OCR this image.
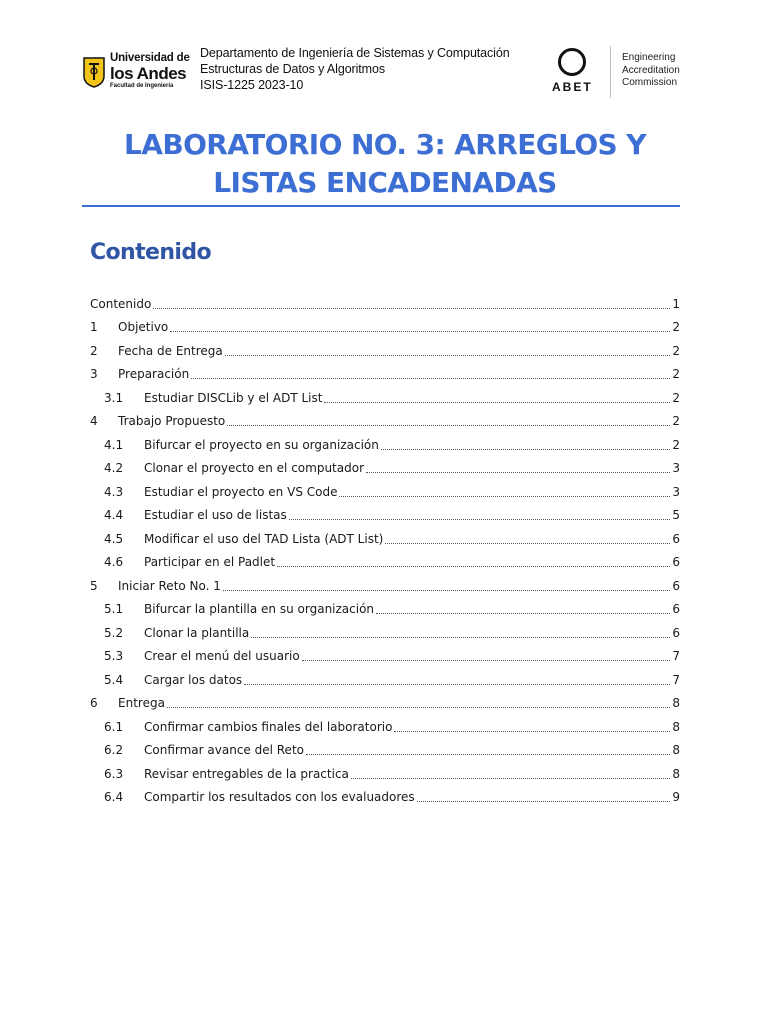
Universidad de
los Andes
Facultad de Ingeniería
Departamento de Ingeniería de Sistemas y Computación
Estructuras de Datos y Algoritmos
ISIS-1225 2023-10	ABET
Engineering
Accreditation
Commission
LABORATORIO NO. 3: ARREGLOS Y
LISTAS ENCADENADAS
Contenido
Contenido	1
1	Objetivo	2
2	Fecha de Entrega	2
3	Preparación	2
3.1	Estudiar DISCLib y el ADT List	2
4	Trabajo Propuesto	2
4.1	Bifurcar el proyecto en su organización	2
4.2	Clonar el proyecto en el computador	3
4.3	Estudiar el proyecto en VS Code	3
4.4	Estudiar el uso de listas	5
4.5	Modificar el uso del TAD Lista (ADT List)	6
4.6	Participar en el Padlet	6
5	Iniciar Reto No. 1	6
5.1	Bifurcar la plantilla en su organización	6
5.2	Clonar la plantilla	6
5.3	Crear el menú del usuario	7
5.4	Cargar los datos	7
6	Entrega	8
6.1	Confirmar cambios finales del laboratorio	8
6.2	Confirmar avance del Reto	8
6.3	Revisar entregables de la practica	8
6.4	Compartir los resultados con los evaluadores	9
